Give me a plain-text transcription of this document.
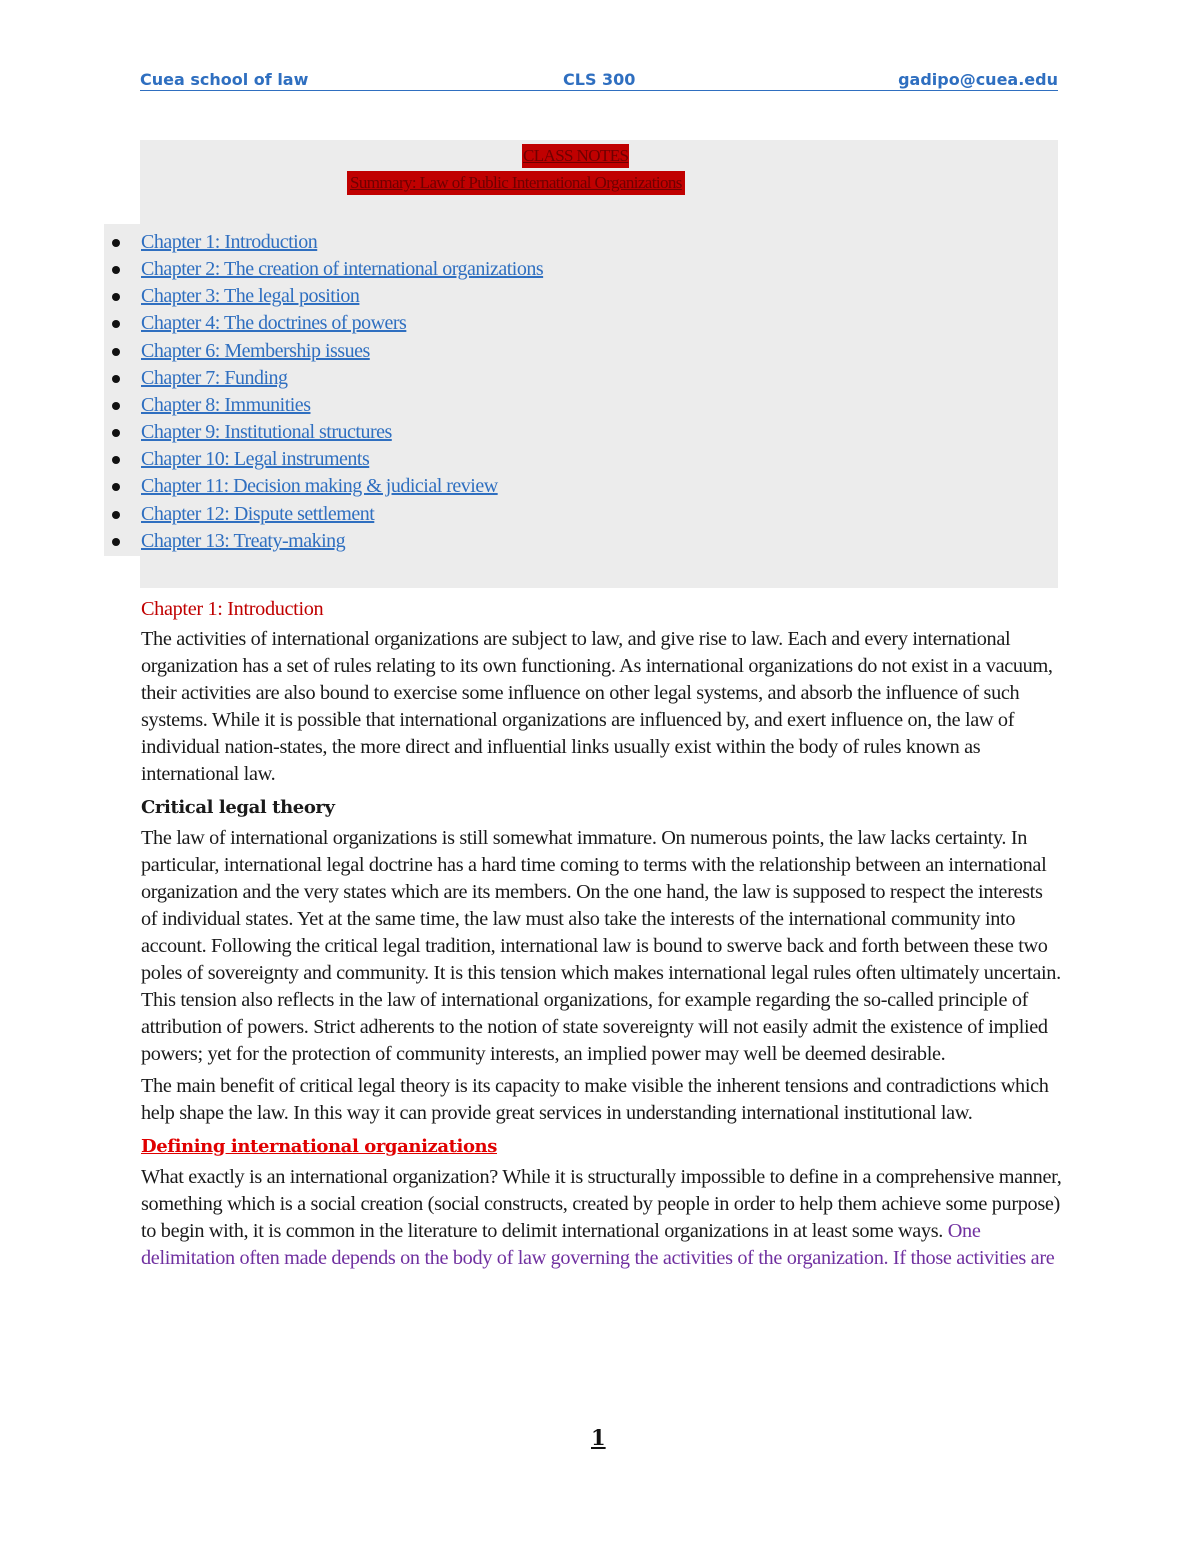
Cuea school of law	CLS 300	gadipo@cuea.edu
CLASS NOTES
Summary: Law of Public International Organizations
Chapter 1: Introduction
Chapter 2: The creation of international organizations
Chapter 3: The legal position
Chapter 4: The doctrines of powers
Chapter 6: Membership issues
Chapter 7: Funding
Chapter 8: Immunities
Chapter 9: Institutional structures
Chapter 10: Legal instruments
Chapter 11: Decision making & judicial review
Chapter 12: Dispute settlement
Chapter 13: Treaty-making

Chapter 1: Introduction

The activities of international organizations are subject to law, and give rise to law. Each and every international organization has a set of rules relating to its own functioning. As international organizations do not exist in a vacuum, their activities are also bound to exercise some influence on other legal systems, and absorb the influence of such systems. While it is possible that international organizations are influenced by, and exert influence on, the law of individual nation-states, the more direct and influential links usually exist within the body of rules known as international law.

Critical legal theory

The law of international organizations is still somewhat immature. On numerous points, the law lacks certainty. In particular, international legal doctrine has a hard time coming to terms with the relationship between an international organization and the very states which are its members. On the one hand, the law is supposed to respect the interests of individual states. Yet at the same time, the law must also take the interests of the international community into account. Following the critical legal tradition, international law is bound to swerve back and forth between these two poles of sovereignty and community. It is this tension which makes international legal rules often ultimately uncertain. This tension also reflects in the law of international organizations, for example regarding the so-called principle of attribution of powers. Strict adherents to the notion of state sovereignty will not easily admit the existence of implied powers; yet for the protection of community interests, an implied power may well be deemed desirable.

The main benefit of critical legal theory is its capacity to make visible the inherent tensions and contradictions which help shape the law. In this way it can provide great services in understanding international institutional law.

Defining international organizations

What exactly is an international organization? While it is structurally impossible to define in a comprehensive manner, something which is a social creation (social constructs, created by people in order to help them achieve some purpose) to begin with, it is common in the literature to delimit international organizations in at least some ways. One delimitation often made depends on the body of law governing the activities of the organization. If those activities are

1
